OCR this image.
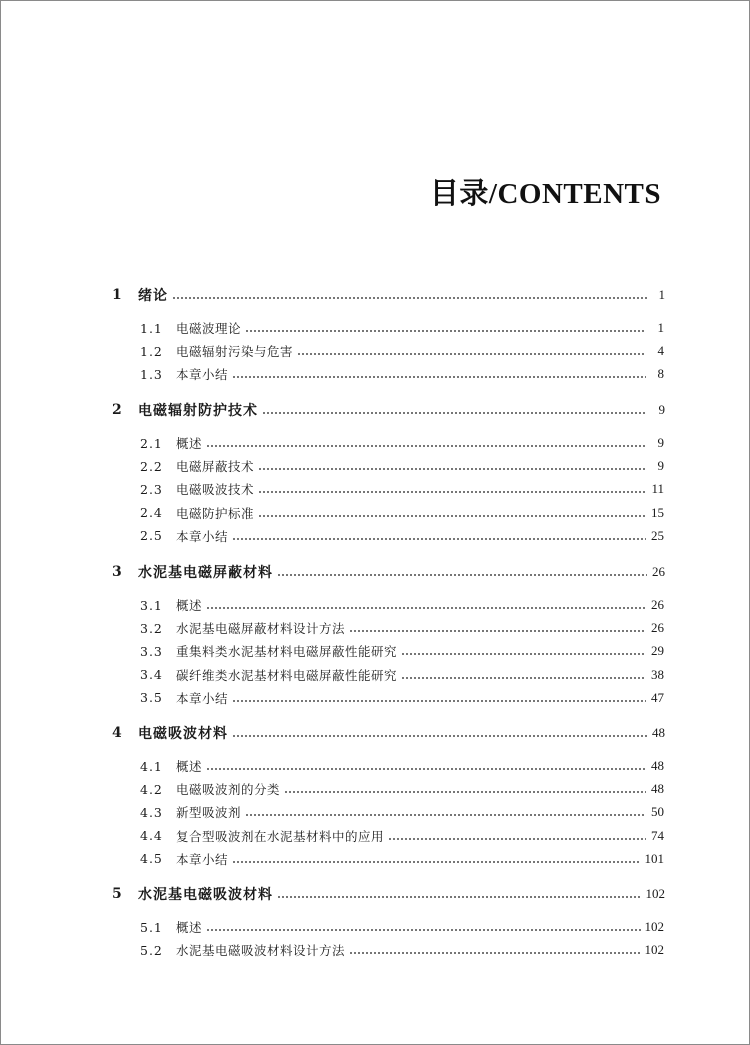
目录/CONTENTS
1	绪论	1
1.1	电磁波理论	1
1.2	电磁辐射污染与危害	4
1.3	本章小结	8
2	电磁辐射防护技术	9
2.1	概述	9
2.2	电磁屏蔽技术	9
2.3	电磁吸波技术	11
2.4	电磁防护标准	15
2.5	本章小结	25
3	水泥基电磁屏蔽材料	26
3.1	概述	26
3.2	水泥基电磁屏蔽材料设计方法	26
3.3	重集料类水泥基材料电磁屏蔽性能研究	29
3.4	碳纤维类水泥基材料电磁屏蔽性能研究	38
3.5	本章小结	47
4	电磁吸波材料	48
4.1	概述	48
4.2	电磁吸波剂的分类	48
4.3	新型吸波剂	50
4.4	复合型吸波剂在水泥基材料中的应用	74
4.5	本章小结	101
5	水泥基电磁吸波材料	102
5.1	概述	102
5.2	水泥基电磁吸波材料设计方法	102
